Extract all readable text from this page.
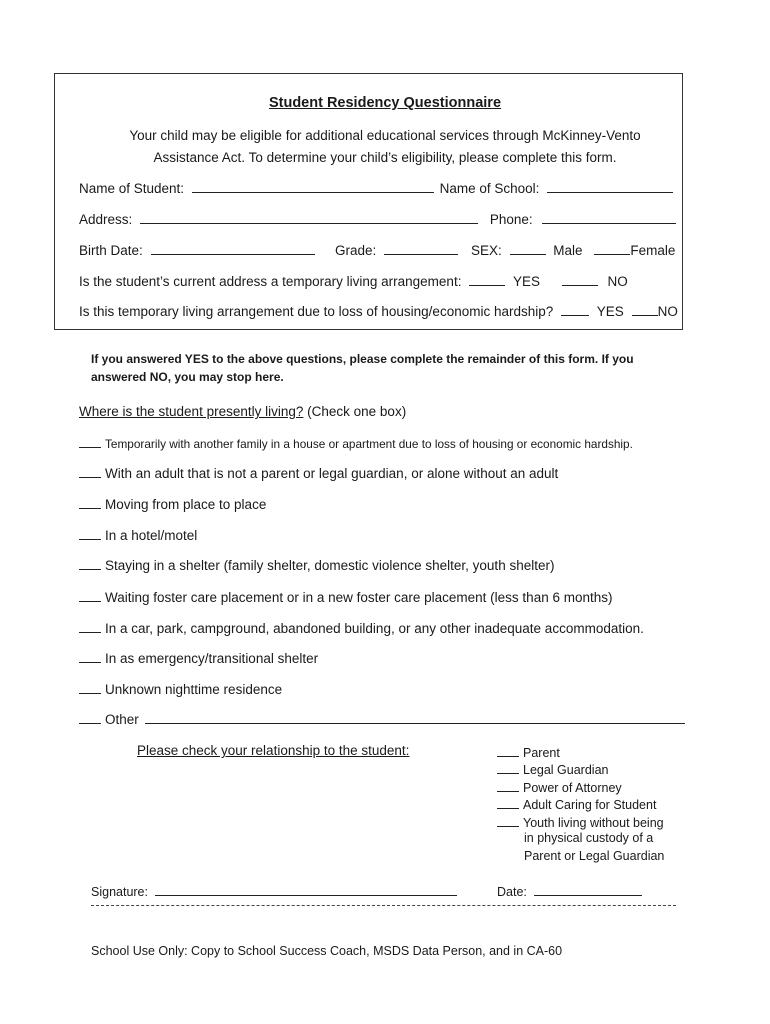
Student Residency Questionnaire
Your child may be eligible for additional educational services through McKinney-Vento
Assistance Act. To determine your child’s eligibility, please complete this form.
Name of Student:	Name of School:
Address:	Phone:
Birth Date:	Grade:	SEX:	Male	Female
Is the student’s current address a temporary living arrangement:	YES	NO
Is this temporary living arrangement due to loss of housing/economic hardship?	YES	NO
If you answered YES to the above questions, please complete the remainder of this form. If you
answered NO, you may stop here.
Where is the student presently living? (Check one box)
Temporarily with another family in a house or apartment due to loss of housing or economic hardship.
With an adult that is not a parent or legal guardian, or alone without an adult
Moving from place to place
In a hotel/motel
Staying in a shelter (family shelter, domestic violence shelter, youth shelter)
Waiting foster care placement or in a new foster care placement (less than 6 months)
In a car, park, campground, abandoned building, or any other inadequate accommodation.
In as emergency/transitional shelter
Unknown nighttime residence
Other
Please check your relationship to the student:	Parent
Legal Guardian
Power of Attorney
Adult Caring for Student
Youth living without being
in physical custody of a
Parent or Legal Guardian
Signature:	Date:
School Use Only: Copy to School Success Coach, MSDS Data Person, and in CA-60
